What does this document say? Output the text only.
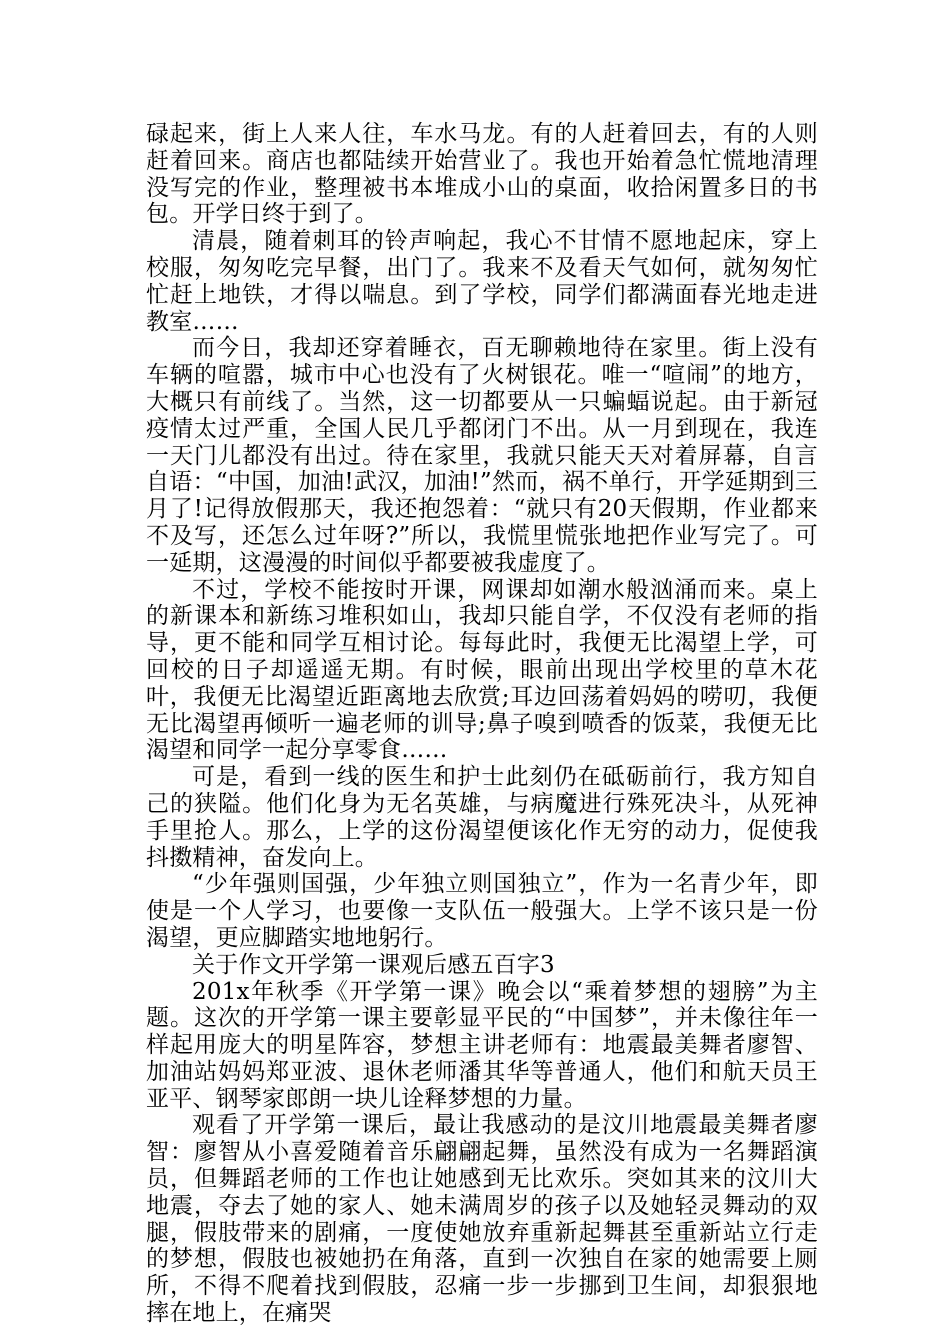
碌起来，街上人来人往，车水马龙。有的人赶着回去，有的人则赶着回来。商店也都陆续开始营业了。我也开始着急忙慌地清理没写完的作业，整理被书本堆成小山的桌面，收拾闲置多日的书包。开学日终于到了。

清晨，随着刺耳的铃声响起，我心不甘情不愿地起床，穿上校服，匆匆吃完早餐，出门了。我来不及看天气如何，就匆匆忙忙赶上地铁，才得以喘息。到了学校，同学们都满面春光地走进教室……

而今日，我却还穿着睡衣，百无聊赖地待在家里。街上没有车辆的喧嚣，城市中心也没有了火树银花。唯一“喧闹”的地方，大概只有前线了。当然，这一切都要从一只蝙蝠说起。由于新冠疫情太过严重，全国人民几乎都闭门不出。从一月到现在，我连一天门儿都没有出过。待在家里，我就只能天天对着屏幕，自言自语：“中国，加油!武汉，加油!”然而，祸不单行，开学延期到三月了!记得放假那天，我还抱怨着：“就只有20天假期，作业都来不及写，还怎么过年呀?”所以，我慌里慌张地把作业写完了。可一延期，这漫漫的时间似乎都要被我虚度了。

不过，学校不能按时开课，网课却如潮水般汹涌而来。桌上的新课本和新练习堆积如山，我却只能自学，不仅没有老师的指导，更不能和同学互相讨论。每每此时，我便无比渴望上学，可回校的日子却遥遥无期。有时候，眼前出现出学校里的草木花叶，我便无比渴望近距离地去欣赏;耳边回荡着妈妈的唠叨，我便无比渴望再倾听一遍老师的训导;鼻子嗅到喷香的饭菜，我便无比渴望和同学一起分享零食……

可是，看到一线的医生和护士此刻仍在砥砺前行，我方知自己的狭隘。他们化身为无名英雄，与病魔进行殊死决斗，从死神手里抢人。那么，上学的这份渴望便该化作无穷的动力，促使我抖擞精神，奋发向上。

“少年强则国强，少年独立则国独立”，作为一名青少年，即使是一个人学习，也要像一支队伍一般强大。上学不该只是一份渴望，更应脚踏实地地躬行。

关于作文开学第一课观后感五百字3

201x年秋季《开学第一课》晚会以“乘着梦想的翅膀”为主题。这次的开学第一课主要彰显平民的“中国梦”，并未像往年一样起用庞大的明星阵容，梦想主讲老师有：地震最美舞者廖智、加油站妈妈郑亚波、退休老师潘其华等普通人，他们和航天员王亚平、钢琴家郎朗一块儿诠释梦想的力量。

观看了开学第一课后，最让我感动的是汶川地震最美舞者廖智：廖智从小喜爱随着音乐翩翩起舞，虽然没有成为一名舞蹈演员，但舞蹈老师的工作也让她感到无比欢乐。突如其来的汶川大地震，夺去了她的家人、她未满周岁的孩子以及她轻灵舞动的双腿，假肢带来的剧痛，一度使她放弃重新起舞甚至重新站立行走的梦想，假肢也被她扔在角落，直到一次独自在家的她需要上厕所，不得不爬着找到假肢，忍痛一步一步挪到卫生间，却狠狠地摔在地上，在痛哭
